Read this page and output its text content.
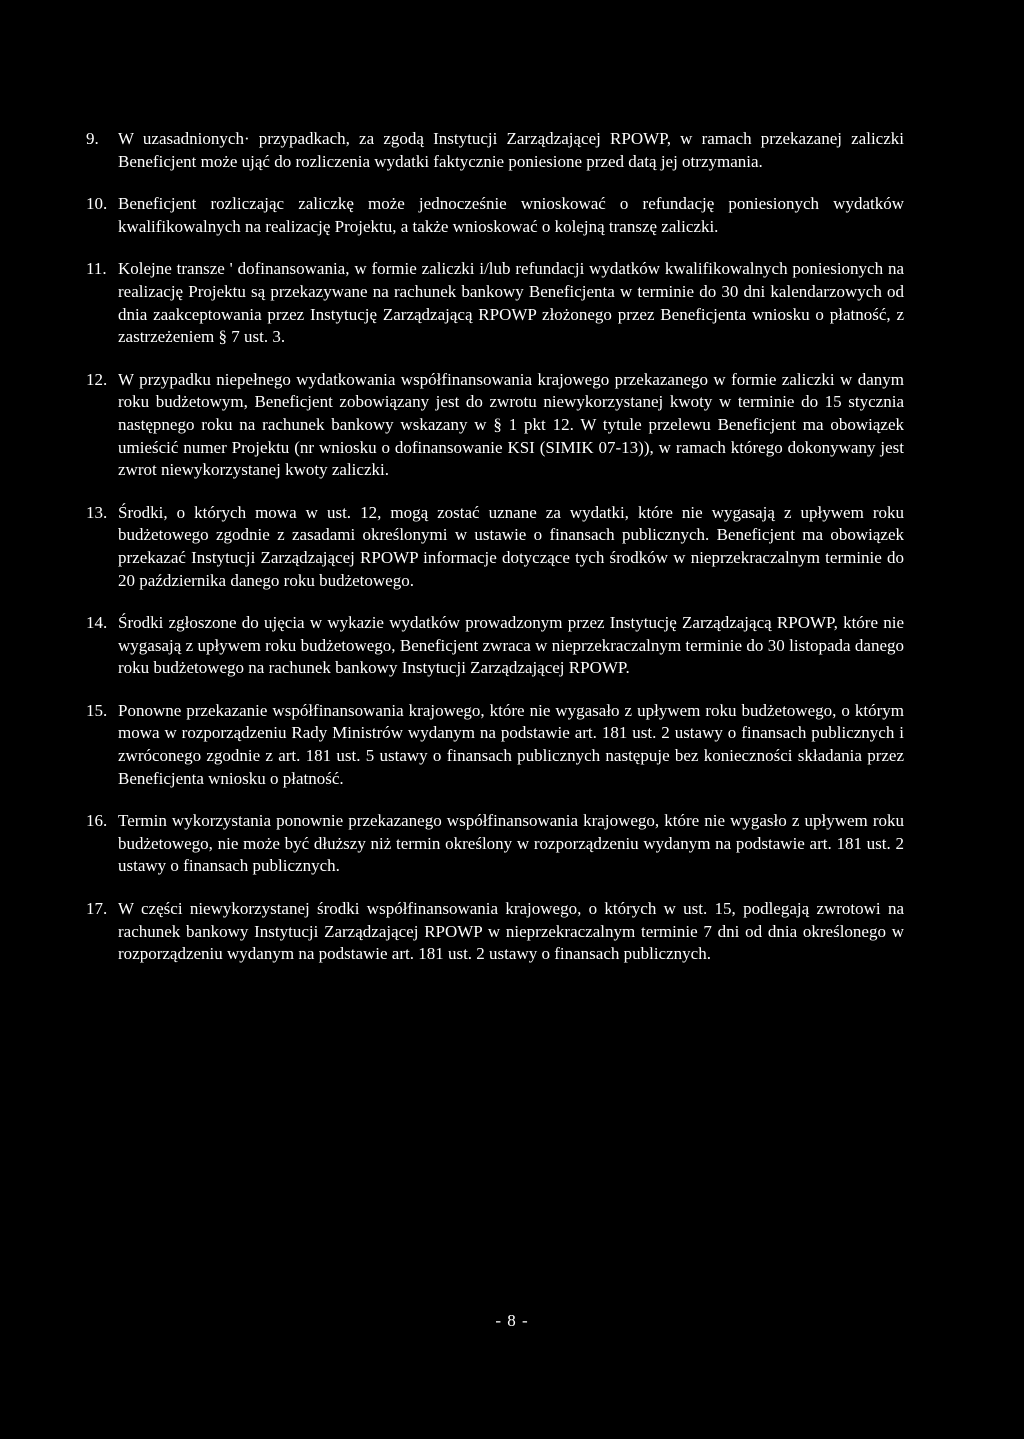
9.	W uzasadnionych· przypadkach, za zgodą Instytucji Zarządzającej RPOWP, w ramach przekazanej zaliczki Beneficjent może ująć do rozliczenia wydatki faktycznie poniesione przed datą jej otrzymania.
10. Beneficjent rozliczając zaliczkę może jednocześnie wnioskować o refundację poniesionych wydatków kwalifikowalnych na realizację Projektu, a także wnioskować o kolejną transzę zaliczki.
11. Kolejne transze ' dofinansowania, w formie zaliczki i/lub refundacji wydatków kwalifikowalnych poniesionych na realizację Projektu są przekazywane na rachunek bankowy Beneficjenta w terminie do 30 dni kalendarzowych od dnia zaakceptowania przez Instytucję Zarządzającą RPOWP złożonego przez Beneficjenta wniosku o płatność, z zastrzeżeniem § 7 ust. 3.
12. W przypadku niepełnego wydatkowania współfinansowania krajowego przekazanego w formie zaliczki w danym roku budżetowym, Beneficjent zobowiązany jest do zwrotu niewykorzystanej kwoty w terminie do 15 stycznia następnego roku na rachunek bankowy wskazany w § 1 pkt 12. W tytule przelewu Beneficjent ma obowiązek umieścić numer Projektu (nr wniosku o dofinansowanie KSI (SIMIK 07-13)), w ramach którego dokonywany jest zwrot niewykorzystanej kwoty zaliczki.
13. Środki, o których mowa w ust. 12, mogą zostać uznane za wydatki, które nie wygasają z upływem roku budżetowego zgodnie z zasadami określonymi w ustawie o finansach publicznych. Beneficjent ma obowiązek przekazać Instytucji Zarządzającej RPOWP informacje dotyczące tych środków w nieprzekraczalnym terminie do 20 października danego roku budżetowego.
14. Środki zgłoszone do ujęcia w wykazie wydatków prowadzonym przez Instytucję Zarządzającą RPOWP, które nie wygasają z upływem roku budżetowego, Beneficjent zwraca w nieprzekraczalnym terminie do 30 listopada danego roku budżetowego na rachunek bankowy Instytucji Zarządzającej RPOWP.
15. Ponowne przekazanie współfinansowania krajowego, które nie wygasało z upływem roku budżetowego, o którym mowa w rozporządzeniu Rady Ministrów wydanym na podstawie art. 181 ust. 2 ustawy o finansach publicznych i zwróconego zgodnie z art. 181 ust. 5 ustawy o finansach publicznych następuje bez konieczności składania przez Beneficjenta wniosku o płatność.
16. Termin wykorzystania ponownie przekazanego współfinansowania krajowego, które nie wygasło z upływem roku budżetowego, nie może być dłuższy niż termin określony w rozporządzeniu wydanym na podstawie art. 181 ust. 2 ustawy o finansach publicznych.
17. W części niewykorzystanej środki współfinansowania krajowego, o których w ust. 15, podlegają zwrotowi na rachunek bankowy Instytucji Zarządzającej RPOWP w nieprzekraczalnym terminie 7 dni od dnia określonego w rozporządzeniu wydanym na podstawie art. 181 ust. 2 ustawy o finansach publicznych.
- 8 -
